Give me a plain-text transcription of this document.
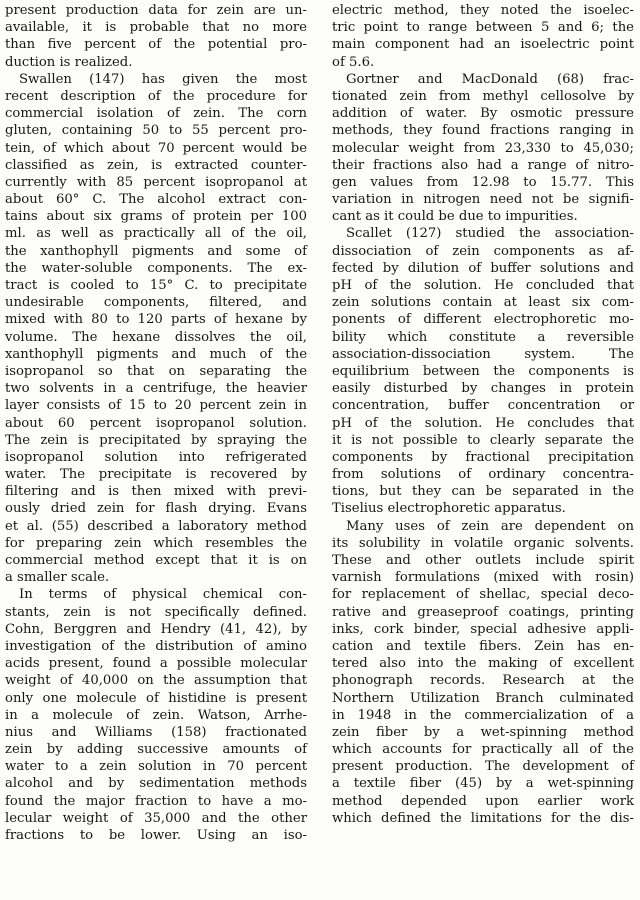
present production data for zein are un-
available, it is probable that no more
than five percent of the potential pro-
duction is realized.
Swallen (147) has given the most
recent description of the procedure for
commercial isolation of zein. The corn
gluten, containing 50 to 55 percent pro-
tein, of which about 70 percent would be
classified as zein, is extracted counter-
currently with 85 percent isopropanol at
about 60° C. The alcohol extract con-
tains about six grams of protein per 100
ml. as well as practically all of the oil,
the xanthophyll pigments and some of
the water-soluble components. The ex-
tract is cooled to 15° C. to precipitate
undesirable components, filtered, and
mixed with 80 to 120 parts of hexane by
volume. The hexane dissolves the oil,
xanthophyll pigments and much of the
isopropanol so that on separating the
two solvents in a centrifuge, the heavier
layer consists of 15 to 20 percent zein in
about 60 percent isopropanol solution.
The zein is precipitated by spraying the
isopropanol solution into refrigerated
water. The precipitate is recovered by
filtering and is then mixed with previ-
ously dried zein for flash drying. Evans
et al. (55) described a laboratory method
for preparing zein which resembles the
commercial method except that it is on
a smaller scale.
In terms of physical chemical con-
stants, zein is not specifically defined.
Cohn, Berggren and Hendry (41, 42), by
investigation of the distribution of amino
acids present, found a possible molecular
weight of 40,000 on the assumption that
only one molecule of histidine is present
in a molecule of zein. Watson, Arrhe-
nius and Williams (158) fractionated
zein by adding successive amounts of
water to a zein solution in 70 percent
alcohol and by sedimentation methods
found the major fraction to have a mo-
lecular weight of 35,000 and the other
fractions to be lower. Using an iso-
electric method, they noted the isoelec-
tric point to range between 5 and 6; the
main component had an isoelectric point
of 5.6.
Gortner and MacDonald (68) frac-
tionated zein from methyl cellosolve by
addition of water. By osmotic pressure
methods, they found fractions ranging in
molecular weight from 23,330 to 45,030;
their fractions also had a range of nitro-
gen values from 12.98 to 15.77. This
variation in nitrogen need not be signifi-
cant as it could be due to impurities.
Scallet (127) studied the association-
dissociation of zein components as af-
fected by dilution of buffer solutions and
pH of the solution. He concluded that
zein solutions contain at least six com-
ponents of different electrophoretic mo-
bility which constitute a reversible
association-dissociation system. The
equilibrium between the components is
easily disturbed by changes in protein
concentration, buffer concentration or
pH of the solution. He concludes that
it is not possible to clearly separate the
components by fractional precipitation
from solutions of ordinary concentra-
tions, but they can be separated in the
Tiselius electrophoretic apparatus.
Many uses of zein are dependent on
its solubility in volatile organic solvents.
These and other outlets include spirit
varnish formulations (mixed with rosin)
for replacement of shellac, special deco-
rative and greaseproof coatings, printing
inks, cork binder, special adhesive appli-
cation and textile fibers. Zein has en-
tered also into the making of excellent
phonograph records. Research at the
Northern Utilization Branch culminated
in 1948 in the commercialization of a
zein fiber by a wet-spinning method
which accounts for practically all of the
present production. The development of
a textile fiber (45) by a wet-spinning
method depended upon earlier work
which defined the limitations for the dis-
